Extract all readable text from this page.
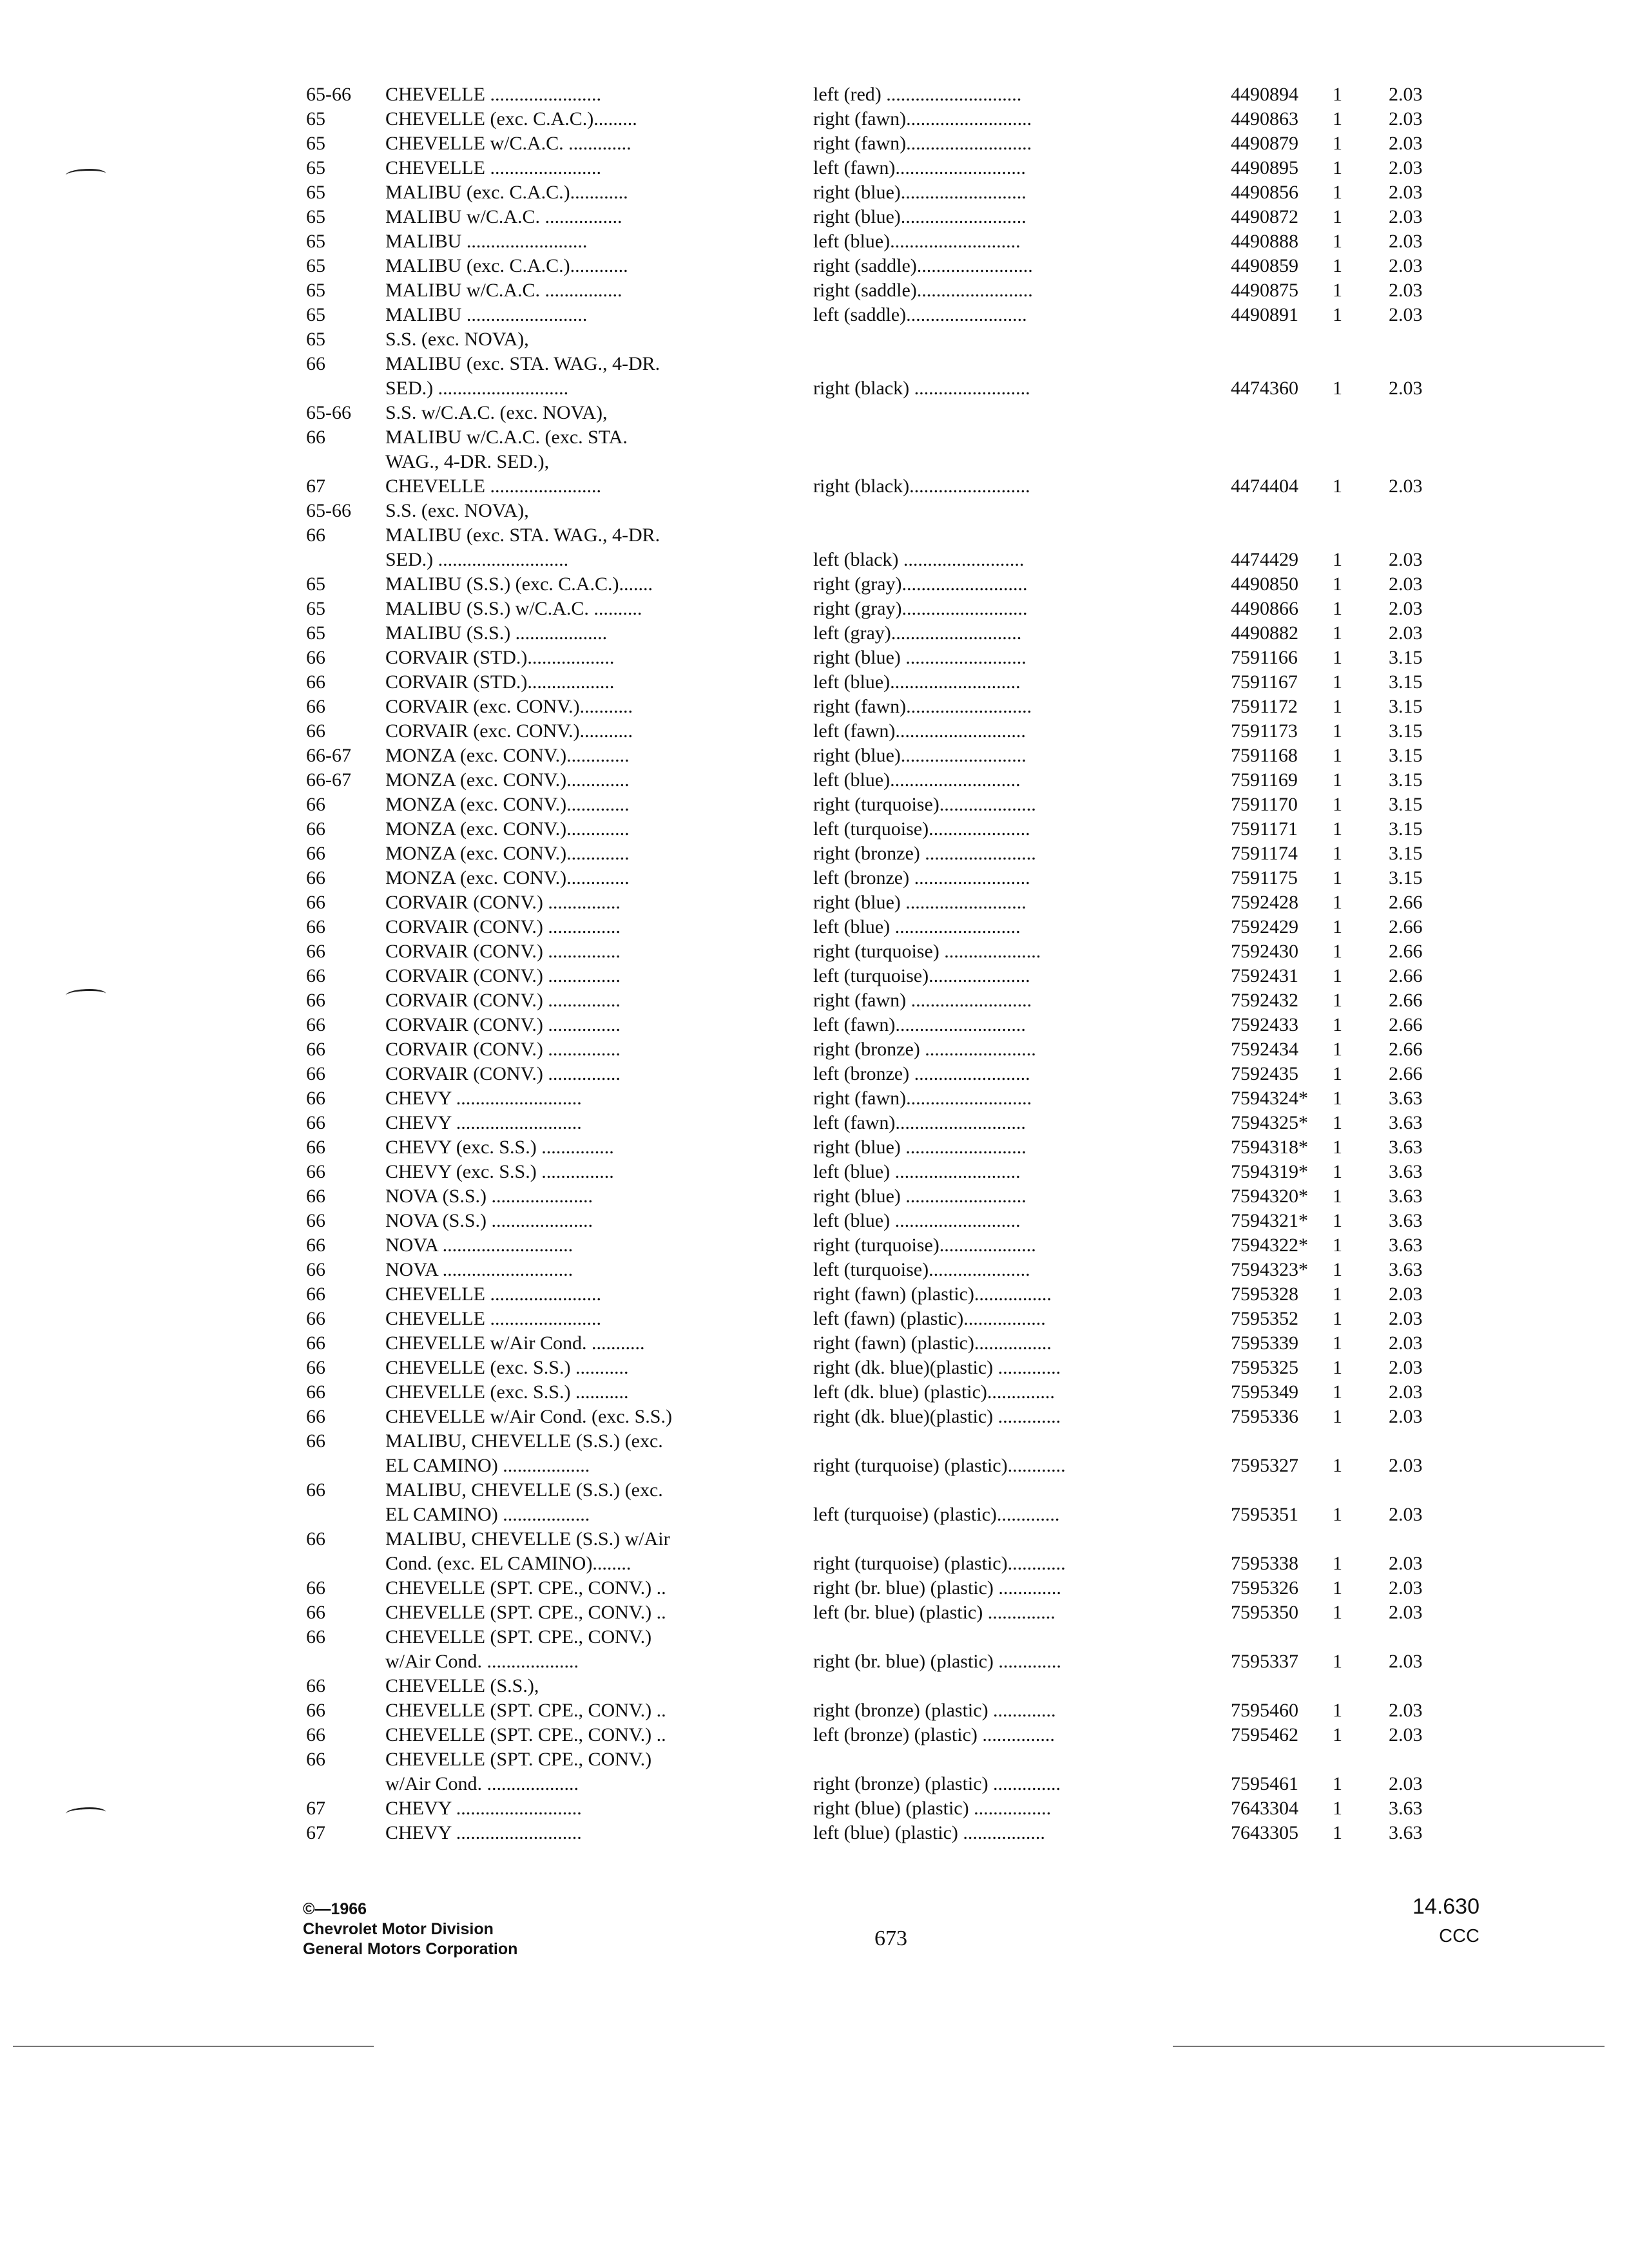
65-66 CHEVELLE .......................	left (red) ............................	4490894 1 2.03
65	CHEVELLE (exc. C.A.C.).........	right (fawn)..........................	4490863 1 2.03
65	CHEVELLE w/C.A.C. .............	right (fawn)..........................	4490879 1 2.03
65	CHEVELLE .......................	left (fawn)...........................	4490895 1 2.03
65	MALIBU (exc. C.A.C.)............	right (blue)..........................	4490856 1 2.03
65	MALIBU w/C.A.C. ................	right (blue)..........................	4490872 1 2.03
65	MALIBU .........................	left (blue)...........................	4490888 1 2.03
65	MALIBU (exc. C.A.C.)............	right (saddle)........................	4490859 1 2.03
65	MALIBU w/C.A.C. ................	right (saddle)........................	4490875 1 2.03
65	MALIBU .........................	left (saddle).........................	4490891 1 2.03
65	S.S. (exc. NOVA),
66	MALIBU (exc. STA. WAG., 4-DR.
SED.) ...........................	right (black) ........................	4474360 1 2.03
65-66 S.S. w/C.A.C. (exc. NOVA),
66	MALIBU w/C.A.C. (exc. STA.
WAG., 4-DR. SED.),
67	CHEVELLE .......................	right (black).........................	4474404 1 2.03
65-66 S.S. (exc. NOVA),
66	MALIBU (exc. STA. WAG., 4-DR.
SED.) ...........................	left (black) .........................	4474429 1 2.03
65	MALIBU (S.S.) (exc. C.A.C.).......	right (gray)..........................	4490850 1 2.03
65	MALIBU (S.S.) w/C.A.C. ..........	right (gray)..........................	4490866 1 2.03
65	MALIBU (S.S.) ...................	left (gray)...........................	4490882 1 2.03
66	CORVAIR (STD.)..................	right (blue) .........................	7591166 1 3.15
66	CORVAIR (STD.)..................	left (blue)...........................	7591167 1 3.15
66	CORVAIR (exc. CONV.)...........	right (fawn)..........................	7591172 1 3.15
66	CORVAIR (exc. CONV.)...........	left (fawn)...........................	7591173 1 3.15
66-67 MONZA (exc. CONV.).............	right (blue)..........................	7591168 1 3.15
66-67 MONZA (exc. CONV.).............	left (blue)...........................	7591169 1 3.15
66	MONZA (exc. CONV.).............	right (turquoise)....................	7591170 1 3.15
66	MONZA (exc. CONV.).............	left (turquoise).....................	7591171 1 3.15
66	MONZA (exc. CONV.).............	right (bronze) .......................	7591174 1 3.15
66	MONZA (exc. CONV.).............	left (bronze) ........................	7591175 1 3.15
66	CORVAIR (CONV.) ...............	right (blue) .........................	7592428 1 2.66
66	CORVAIR (CONV.) ...............	left (blue) ..........................	7592429 1 2.66
66	CORVAIR (CONV.) ...............	right (turquoise) ....................	7592430 1 2.66
66	CORVAIR (CONV.) ...............	left (turquoise).....................	7592431 1 2.66
66	CORVAIR (CONV.) ...............	right (fawn) .........................	7592432 1 2.66
66	CORVAIR (CONV.) ...............	left (fawn)...........................	7592433 1 2.66
66	CORVAIR (CONV.) ...............	right (bronze) .......................	7592434 1 2.66
66	CORVAIR (CONV.) ...............	left (bronze) ........................	7592435 1 2.66
66	CHEVY ..........................	right (fawn)..........................	7594324* 1 3.63
66	CHEVY ..........................	left (fawn)...........................	7594325* 1 3.63
66	CHEVY (exc. S.S.) ...............	right (blue) .........................	7594318* 1 3.63
66	CHEVY (exc. S.S.) ...............	left (blue) ..........................	7594319* 1 3.63
66	NOVA (S.S.) .....................	right (blue) .........................	7594320* 1 3.63
66	NOVA (S.S.) .....................	left (blue) ..........................	7594321* 1 3.63
66	NOVA ...........................	right (turquoise)....................	7594322* 1 3.63
66	NOVA ...........................	left (turquoise).....................	7594323* 1 3.63
66	CHEVELLE .......................	right (fawn) (plastic)................	7595328 1 2.03
66	CHEVELLE .......................	left (fawn) (plastic).................	7595352 1 2.03
66	CHEVELLE w/Air Cond. ...........	right (fawn) (plastic)................	7595339 1 2.03
66	CHEVELLE (exc. S.S.) ...........	right (dk. blue)(plastic) .............	7595325 1 2.03
66	CHEVELLE (exc. S.S.) ...........	left (dk. blue) (plastic)..............	7595349 1 2.03
66	CHEVELLE w/Air Cond. (exc. S.S.)	right (dk. blue)(plastic) .............	7595336 1 2.03
66	MALIBU, CHEVELLE (S.S.) (exc.
EL CAMINO) ..................	right (turquoise) (plastic)............	7595327 1 2.03
66	MALIBU, CHEVELLE (S.S.) (exc.
EL CAMINO) ..................	left (turquoise) (plastic).............	7595351 1 2.03
66	MALIBU, CHEVELLE (S.S.) w/Air
Cond. (exc. EL CAMINO)........	right (turquoise) (plastic)............	7595338 1 2.03
66	CHEVELLE (SPT. CPE., CONV.) ..	right (br. blue) (plastic) .............	7595326 1 2.03
66	CHEVELLE (SPT. CPE., CONV.) ..	left (br. blue) (plastic) ..............	7595350 1 2.03
66	CHEVELLE (SPT. CPE., CONV.)
w/Air Cond. ...................	right (br. blue) (plastic) .............	7595337 1 2.03
66	CHEVELLE (S.S.),
66	CHEVELLE (SPT. CPE., CONV.) ..	right (bronze) (plastic) .............	7595460 1 2.03
66	CHEVELLE (SPT. CPE., CONV.) ..	left (bronze) (plastic) ...............	7595462 1 2.03
66	CHEVELLE (SPT. CPE., CONV.)
w/Air Cond. ...................	right (bronze) (plastic) ..............	7595461 1 2.03
67	CHEVY ..........................	right (blue) (plastic) ................	7643304 1 3.63
67	CHEVY ..........................	left (blue) (plastic) .................	7643305 1 3.63
©—1966
Chevrolet Motor Division
General Motors Corporation	673
14.630
CCC
